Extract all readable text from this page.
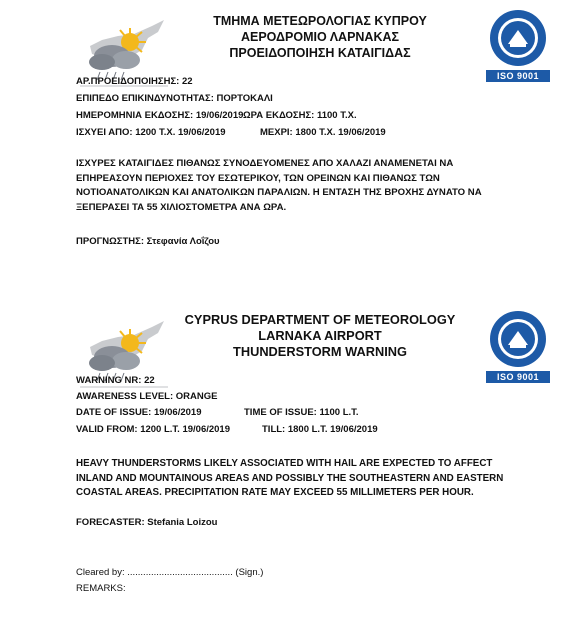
ΤΜΗΜΑ ΜΕΤΕΩΡΟΛΟΓΙΑΣ ΚΥΠΡΟΥ
ΑΕΡΟΔΡΟΜΙΟ ΛΑΡΝΑΚΑΣ
ΠΡΟΕΙΔΟΠΟΙΗΣΗ ΚΑΤΑΙΓΙΔΑΣ
ISO 9001
ΑΡ.ΠΡΟΕΙΔΟΠΟΙΗΣΗΣ: 22
ΕΠΙΠΕΔΟ ΕΠΙΚΙΝΔΥΝΟΤΗΤΑΣ: ΠΟΡΤΟΚΑΛΙ
ΗΜΕΡΟΜΗΝΙΑ ΕΚΔΟΣΗΣ: 19/06/2019 ΩΡΑ ΕΚΔΟΣΗΣ: 1100 Τ.Χ.
ΙΣΧΥΕΙ ΑΠΟ: 1200 Τ.Χ. 19/06/2019	ΜΕΧΡΙ: 1800 Τ.Χ. 19/06/2019
ΙΣΧΥΡΕΣ ΚΑΤΑΙΓΙΔΕΣ ΠΙΘΑΝΩΣ ΣΥΝΟΔΕΥΟΜΕΝΕΣ ΑΠΟ ΧΑΛΑΖΙ ΑΝΑΜΕΝΕΤΑΙ ΝΑ
ΕΠΗΡΕΑΣΟΥΝ ΠΕΡΙΟΧΕΣ ΤΟΥ ΕΣΩΤΕΡΙΚΟΥ, ΤΩΝ ΟΡΕΙΝΩΝ ΚΑΙ ΠΙΘΑΝΩΣ ΤΩΝ
ΝΟΤΙΟΑΝΑΤΟΛΙΚΩΝ ΚΑΙ ΑΝΑΤΟΛΙΚΩΝ ΠΑΡΑΛΙΩΝ. Η ΕΝΤΑΣΗ ΤΗΣ ΒΡΟΧΗΣ ΔΥΝΑΤΟ ΝΑ
ΞΕΠΕΡΑΣΕΙ ΤΑ 55 ΧΙΛΙΟΣΤΟΜΕΤΡΑ ΑΝΑ ΩΡΑ.
ΠΡΟΓΝΩΣΤΗΣ: Στεφανία Λοΐζου
CYPRUS DEPARTMENT OF METEOROLOGY
LARNAKA AIRPORT
THUNDERSTORM WARNING
ISO 9001
WARNING NR: 22
AWARENESS LEVEL: ORANGE
DATE OF ISSUE: 19/06/2019	TIME OF ISSUE: 1100 L.T.
VALID FROM: 1200 L.T. 19/06/2019	TILL: 1800 L.T. 19/06/2019
HEAVY THUNDERSTORMS LIKELY ASSOCIATED WITH HAIL ARE EXPECTED TO AFFECT
INLAND AND MOUNTAINOUS AREAS AND POSSIBLY THE SOUTHEASTERN AND EASTERN
COASTAL AREAS. PRECIPITATION RATE MAY EXCEED 55 MILLIMETERS PER HOUR.
FORECASTER: Stefania Loizou
Cleared by: ........................................ (Sign.)
REMARKS:
